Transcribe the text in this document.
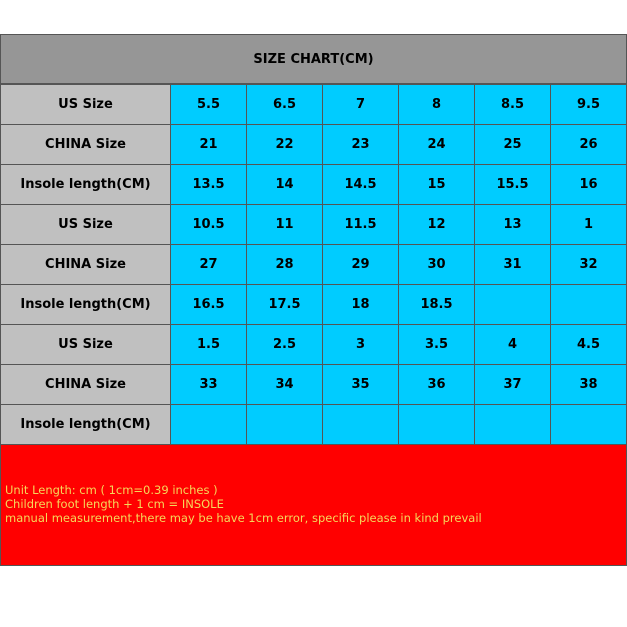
SIZE CHART(CM)
US Size	5.5	6.5	7	8	8.5	9.5
CHINA Size	21	22	23	24	25	26
Insole length(CM)	13.5	14	14.5	15	15.5	16
US Size	10.5	11	11.5	12	13	1
CHINA Size	27	28	29	30	31	32
Insole length(CM)	16.5	17.5	18	18.5		
US Size	1.5	2.5	3	3.5	4	4.5
CHINA Size	33	34	35	36	37	38
Insole length(CM)						
Unit Length: cm ( 1cm=0.39 inches )
Children foot length + 1 cm = INSOLE
manual measurement,there may be have 1cm error, specific please in kind prevail
